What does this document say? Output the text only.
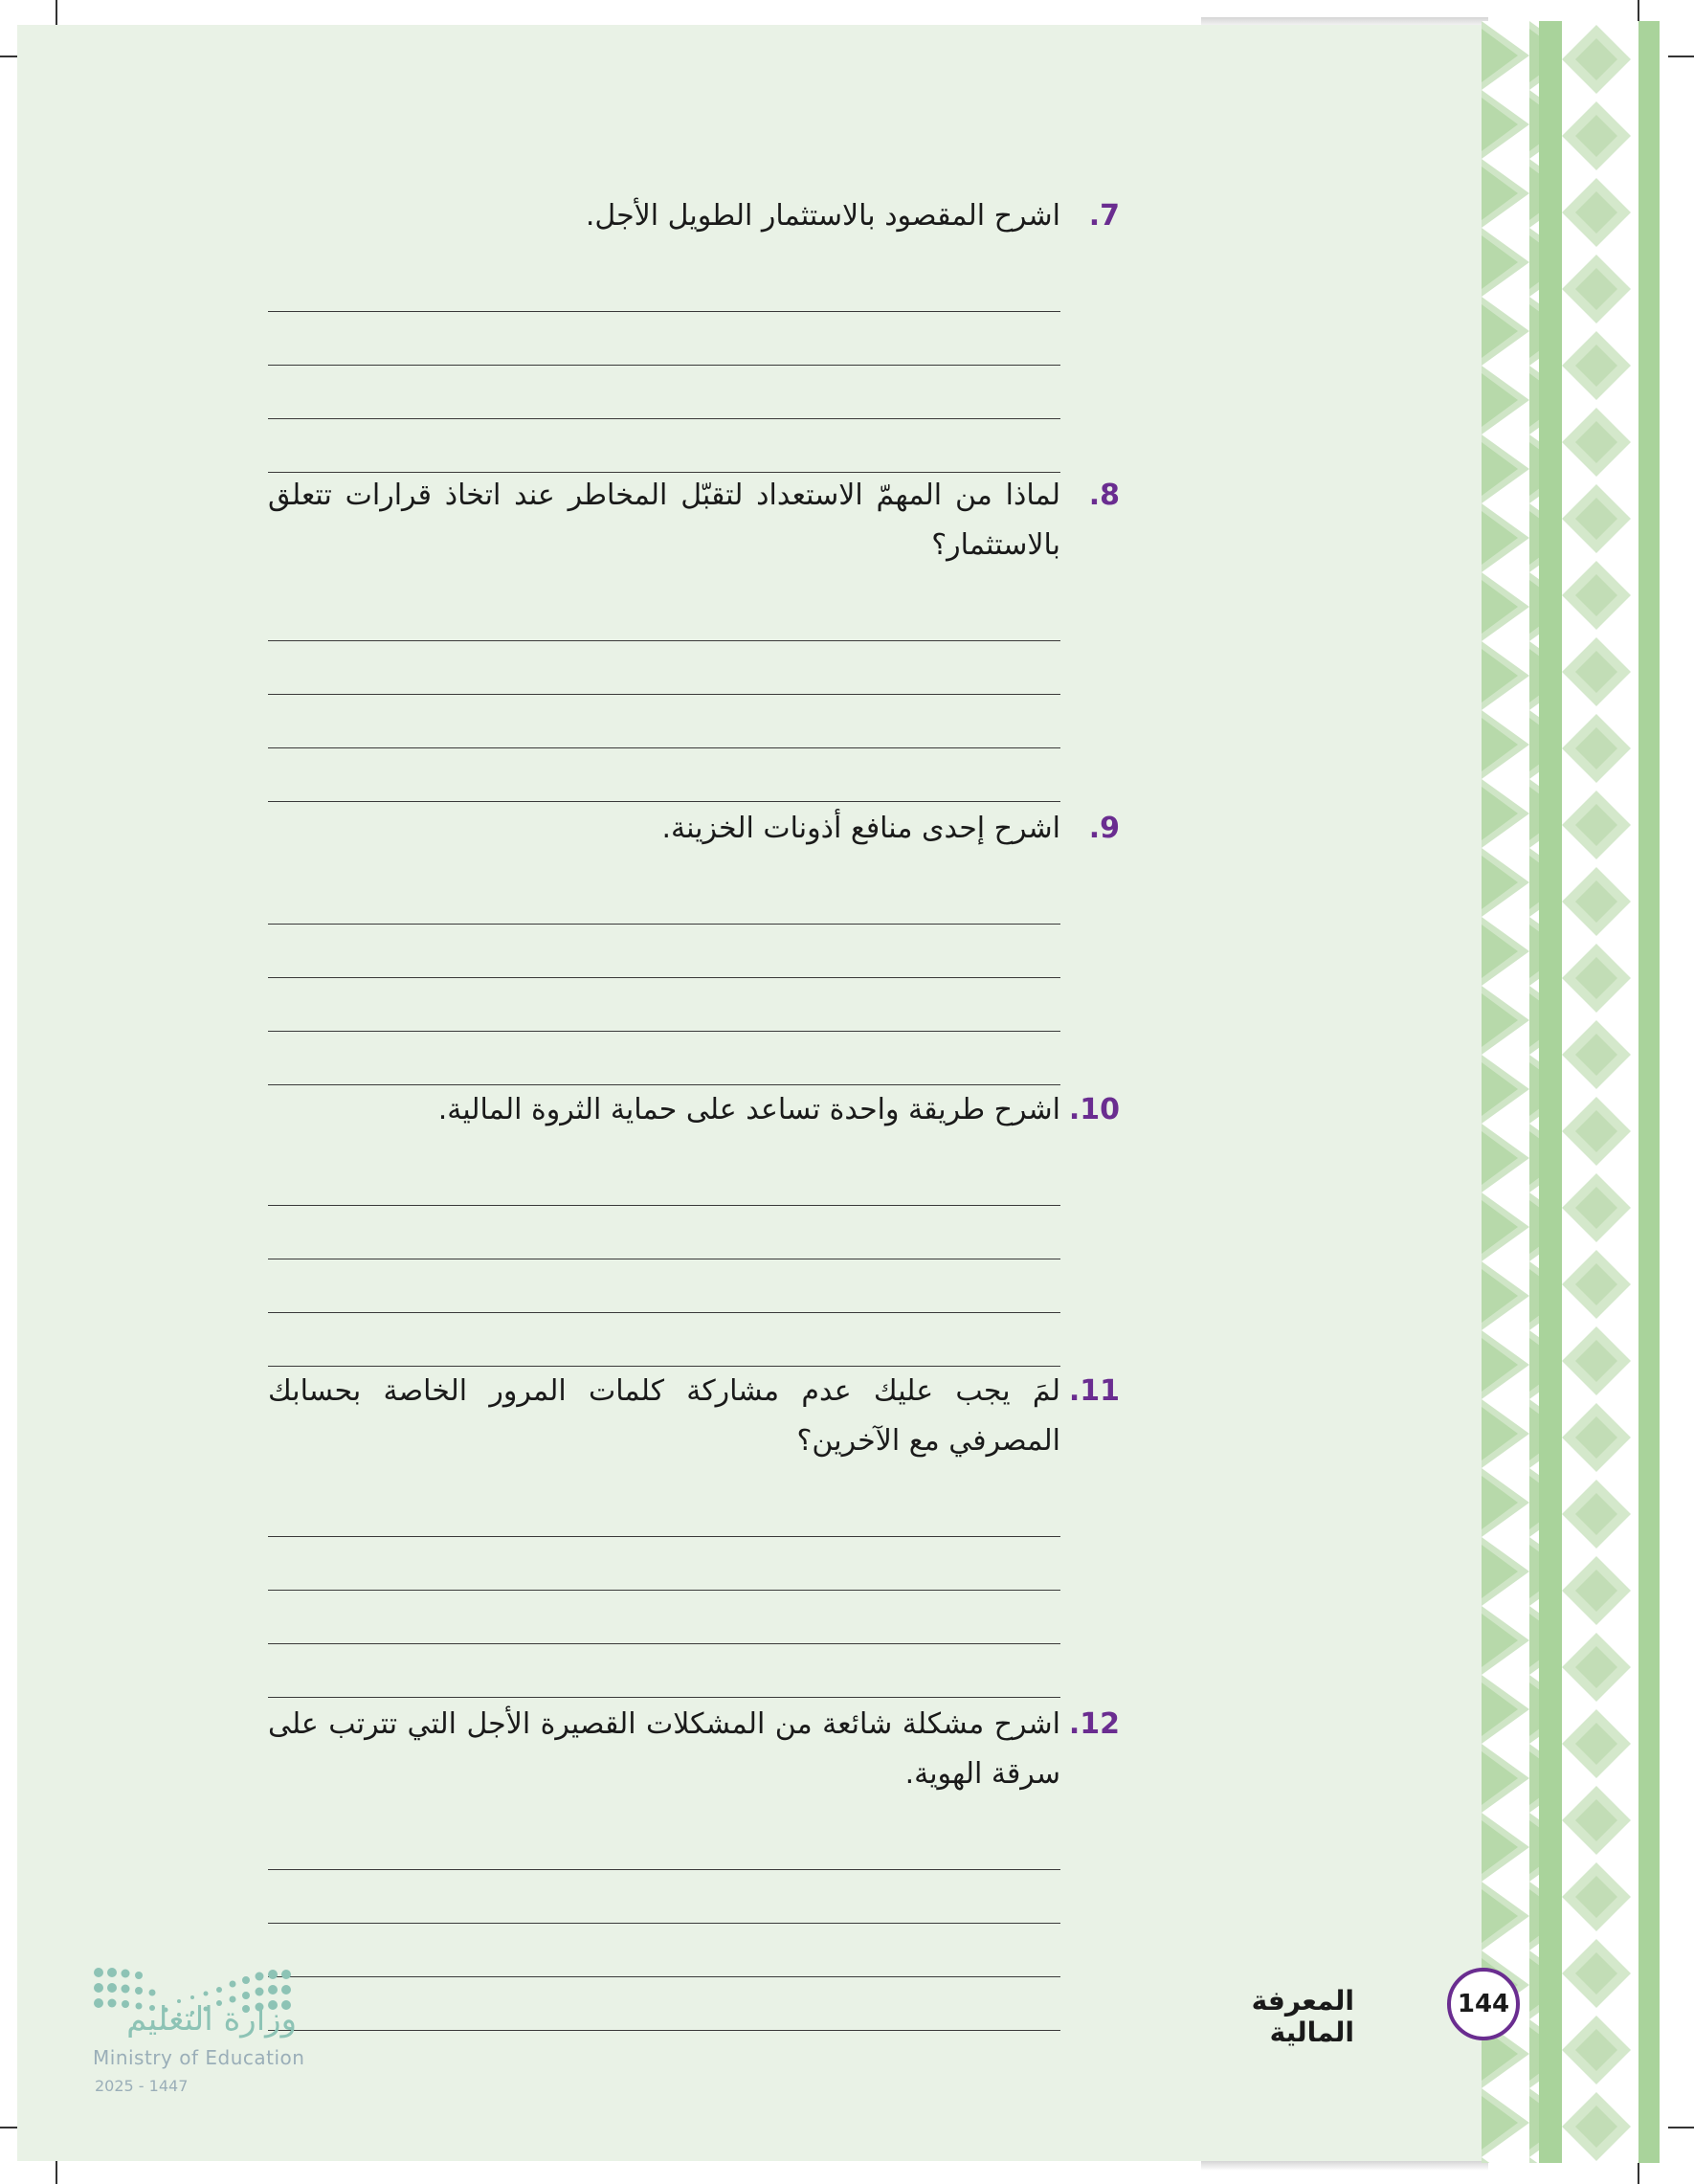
.7
اشرح المقصود بالاستثمار الطويل الأجل.
.8
لماذا من المهمّ الاستعداد لتقبّل المخاطر عند اتخاذ قرارات تتعلق بالاستثمار؟
.9
اشرح إحدى منافع أذونات الخزينة.
.10
اشرح طريقة واحدة تساعد على حماية الثروة المالية.
.11
لمَ يجب عليك عدم مشاركة كلمات المرور الخاصة بحسابك المصرفي مع الآخرين؟
.12
اشرح مشكلة شائعة من المشكلات القصيرة الأجل التي تترتب على سرقة الهوية.
وزارة التعليم
Ministry of Education
2025 - 1447
المعرفة المالية
144
